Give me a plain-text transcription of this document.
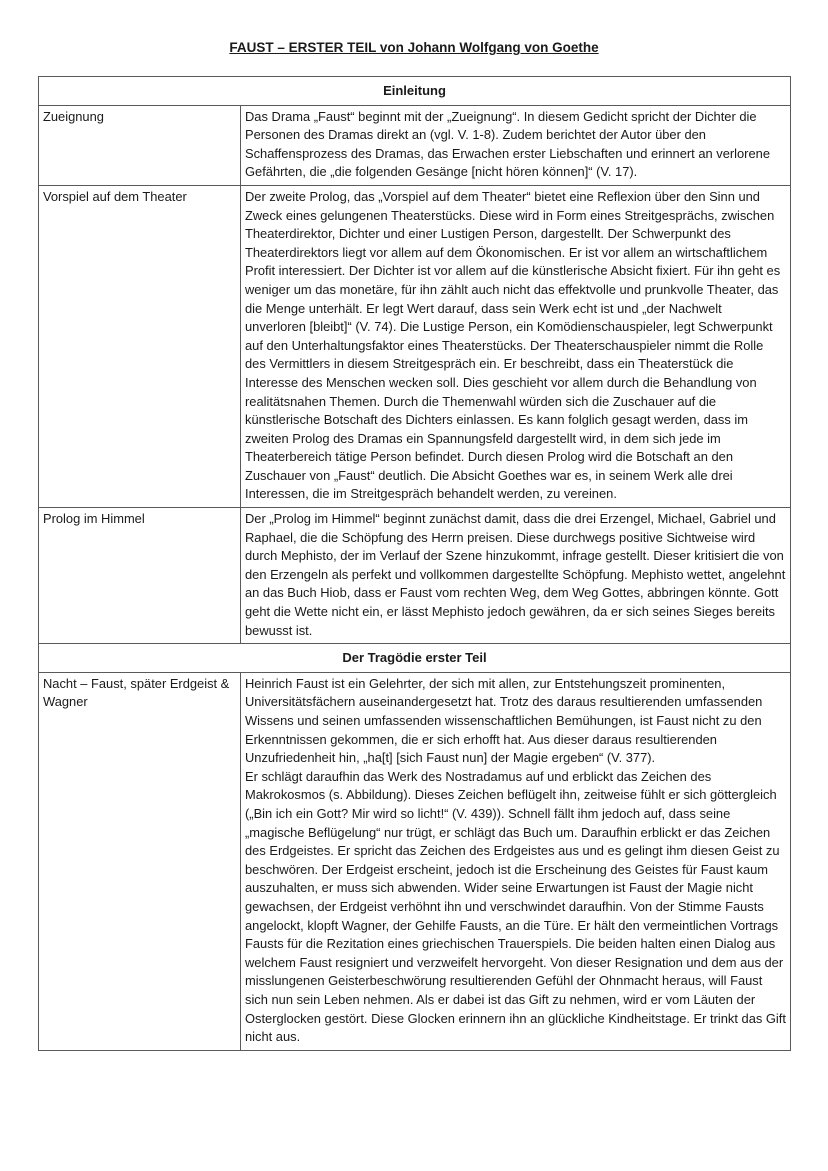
FAUST – ERSTER TEIL von Johann Wolfgang von Goethe
Einleitung	
Zueignung	Das Drama „Faust“ beginnt mit der „Zueignung“. In diesem Gedicht spricht der Dichter die Personen des Dramas direkt an (vgl. V. 1-8). Zudem berichtet der Autor über den Schaffensprozess des Dramas, das Erwachen erster Liebschaften und erinnert an verlorene Gefährten, die „die folgenden Gesänge [nicht hören können]“ (V. 17).
Vorspiel auf dem Theater	Der zweite Prolog, das „Vorspiel auf dem Theater“ bietet eine Reflexion über den Sinn und Zweck eines gelungenen Theaterstücks. Diese wird in Form eines Streitgesprächs, zwischen Theaterdirektor, Dichter und einer Lustigen Person, dargestellt. Der Schwerpunkt des Theaterdirektors liegt vor allem auf dem Ökonomischen. Er ist vor allem an wirtschaftlichem Profit interessiert. Der Dichter ist vor allem auf die künstlerische Absicht fixiert. Für ihn geht es weniger um das monetäre, für ihn zählt auch nicht das effektvolle und prunkvolle Theater, das die Menge unterhält. Er legt Wert darauf, dass sein Werk echt ist und „der Nachwelt unverloren [bleibt]“ (V. 74). Die Lustige Person, ein Komödienschauspieler, legt Schwerpunkt auf den Unterhaltungsfaktor eines Theaterstücks. Der Theaterschauspieler nimmt die Rolle des Vermittlers in diesem Streitgespräch ein. Er beschreibt, dass ein Theaterstück die Interesse des Menschen wecken soll. Dies geschieht vor allem durch die Behandlung von realitätsnahen Themen. Durch die Themenwahl würden sich die Zuschauer auf die künstlerische Botschaft des Dichters einlassen. Es kann folglich gesagt werden, dass im zweiten Prolog des Dramas ein Spannungsfeld dargestellt wird, in dem sich jede im Theaterbereich tätige Person befindet. Durch diesen Prolog wird die Botschaft an den Zuschauer von „Faust“ deutlich. Die Absicht Goethes war es, in seinem Werk alle drei Interessen, die im Streitgespräch behandelt werden, zu vereinen.
Prolog im Himmel	Der „Prolog im Himmel“ beginnt zunächst damit, dass die drei Erzengel, Michael, Gabriel und Raphael, die die Schöpfung des Herrn preisen. Diese durchwegs positive Sichtweise wird durch Mephisto, der im Verlauf der Szene hinzukommt, infrage gestellt. Dieser kritisiert die von den Erzengeln als perfekt und vollkommen dargestellte Schöpfung. Mephisto wettet, angelehnt an das Buch Hiob, dass er Faust vom rechten Weg, dem Weg Gottes, abbringen könnte. Gott geht die Wette nicht ein, er lässt Mephisto jedoch gewähren, da er sich seines Sieges bereits bewusst ist.
Der Tragödie erster Teil	
Nacht – Faust, später Erdgeist & Wagner	Heinrich Faust ist ein Gelehrter, der sich mit allen, zur Entstehungszeit prominenten, Universitätsfächern auseinandergesetzt hat. Trotz des daraus resultierenden umfassenden Wissens und seinen umfassenden wissenschaftlichen Bemühungen, ist Faust nicht zu den Erkenntnissen gekommen, die er sich erhofft hat. Aus dieser daraus resultierenden Unzufriedenheit hin, „ha[t] [sich Faust nun] der Magie ergeben“ (V. 377).
Er schlägt daraufhin das Werk des Nostradamus auf und erblickt das Zeichen des Makrokosmos (s. Abbildung). Dieses Zeichen beflügelt ihn, zeitweise fühlt er sich göttergleich („Bin ich ein Gott? Mir wird so licht!“ (V. 439)). Schnell fällt ihm jedoch auf, dass seine „magische Beflügelung“ nur trügt, er schlägt das Buch um. Daraufhin erblickt er das Zeichen des Erdgeistes. Er spricht das Zeichen des Erdgeistes aus und es gelingt ihm diesen Geist zu beschwören. Der Erdgeist erscheint, jedoch ist die Erscheinung des Geistes für Faust kaum auszuhalten, er muss sich abwenden. Wider seine Erwartungen ist Faust der Magie nicht gewachsen, der Erdgeist verhöhnt ihn und verschwindet daraufhin. Von der Stimme Fausts angelockt, klopft Wagner, der Gehilfe Fausts, an die Türe. Er hält den vermeintlichen Vortrags Fausts für die Rezitation eines griechischen Trauerspiels. Die beiden halten einen Dialog aus welchem Faust resigniert und verzweifelt hervorgeht. Von dieser Resignation und dem aus der misslungenen Geisterbeschwörung resultierenden Gefühl der Ohnmacht heraus, will Faust sich nun sein Leben nehmen. Als er dabei ist das Gift zu nehmen, wird er vom Läuten der Osterglocken gestört. Diese Glocken erinnern ihn an glückliche Kindheitstage. Er trinkt das Gift nicht aus.
